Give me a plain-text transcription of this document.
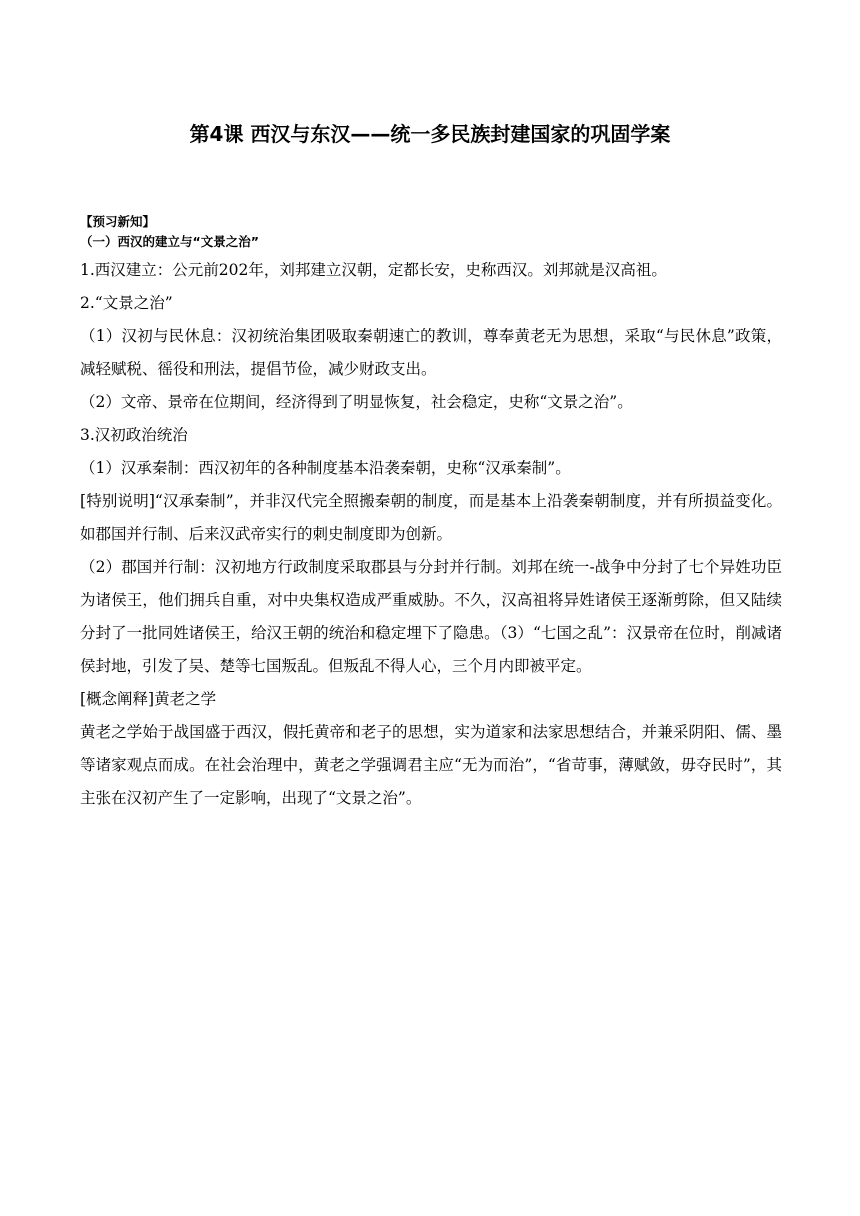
第4课 西汉与东汉——统一多民族封建国家的巩固学案

【预习新知】

（一）西汉的建立与“文景之治”

1.西汉建立：公元前202年，刘邦建立汉朝，定都长安，史称西汉。刘邦就是汉高祖。

2.“文景之治”

（1）汉初与民休息：汉初统治集团吸取秦朝速亡的教训，尊奉黄老无为思想，采取“与民休息”政策，减轻赋税、徭役和刑法，提倡节俭，减少财政支出。

（2）文帝、景帝在位期间，经济得到了明显恢复，社会稳定，史称“文景之治”。

3.汉初政治统治

（1）汉承秦制：西汉初年的各种制度基本沿袭秦朝，史称“汉承秦制”。

[特别说明]“汉承秦制”，并非汉代完全照搬秦朝的制度，而是基本上沿袭秦朝制度，并有所损益变化。如郡国并行制、后来汉武帝实行的刺史制度即为创新。

（2）郡国并行制：汉初地方行政制度采取郡县与分封并行制。刘邦在统一-战争中分封了七个异姓功臣为诸侯王，他们拥兵自重，对中央集权造成严重威胁。不久，汉高祖将异姓诸侯王逐渐剪除，但又陆续分封了一批同姓诸侯王，给汉王朝的统治和稳定埋下了隐患。（3）“七国之乱”：汉景帝在位时，削减诸侯封地，引发了吴、楚等七国叛乱。但叛乱不得人心，三个月内即被平定。

[概念阐释]黄老之学

黄老之学始于战国盛于西汉，假托黄帝和老子的思想，实为道家和法家思想结合，并兼采阴阳、儒、墨等诸家观点而成。在社会治理中，黄老之学强调君主应“无为而治”，“省苛事，薄赋敛，毋夺民时”，其主张在汉初产生了一定影响，出现了“文景之治”。
